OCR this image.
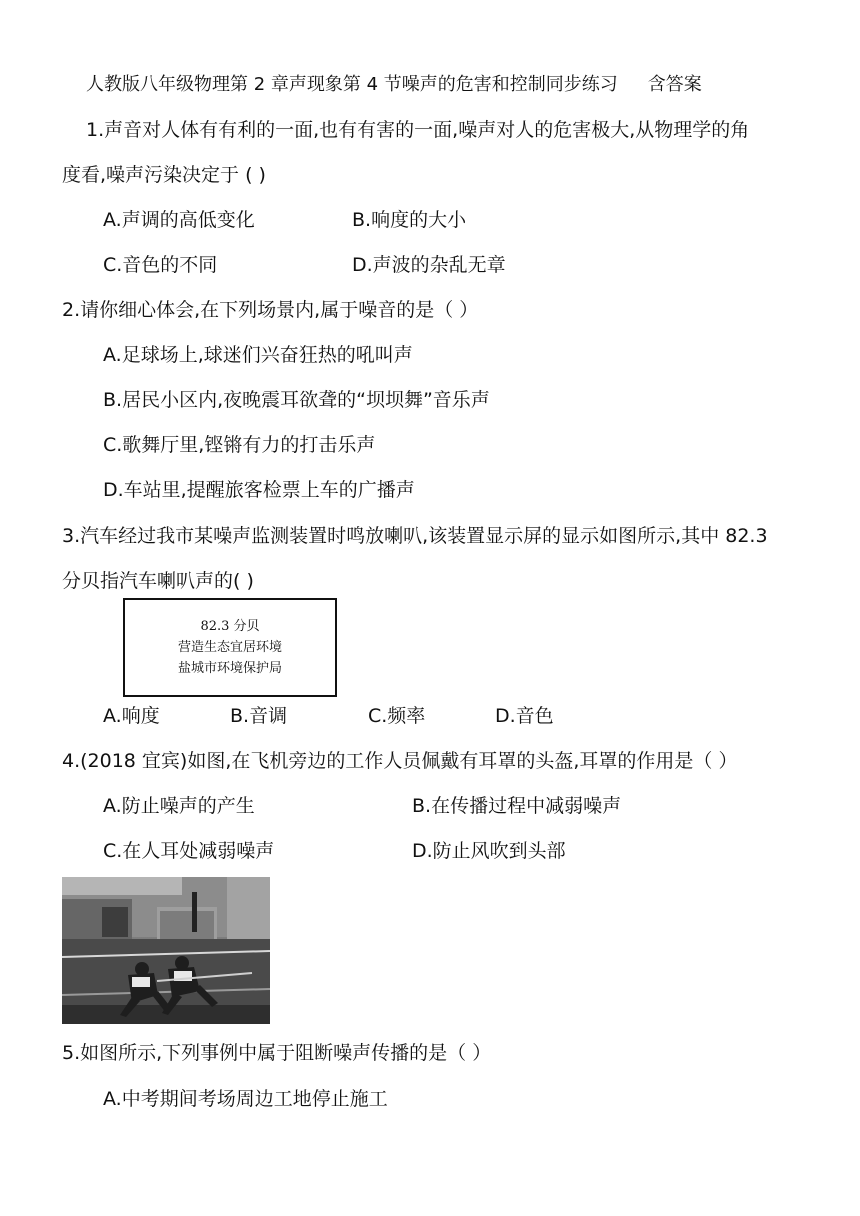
人教版八年级物理第 2 章声现象第 4 节噪声的危害和控制同步练习 含答案
1.声音对人体有有利的一面,也有有害的一面,噪声对人的危害极大,从物理学的角
度看,噪声污染决定于 ( )
A.声调的高低变化	B.响度的大小
C.音色的不同	D.声波的杂乱无章
2.请你细心体会,在下列场景内,属于噪音的是（ ）
A.足球场上,球迷们兴奋狂热的吼叫声
B.居民小区内,夜晚震耳欲聋的“坝坝舞”音乐声
C.歌舞厅里,铿锵有力的打击乐声
D.车站里,提醒旅客检票上车的广播声
3.汽车经过我市某噪声监测装置时鸣放喇叭,该装置显示屏的显示如图所示,其中 82.3
分贝指汽车喇叭声的( )
82.3 分贝
营造生态宜居环境
盐城市环境保护局
A.响度	B.音调	C.频率	D.音色
4.(2018 宜宾)如图,在飞机旁边的工作人员佩戴有耳罩的头盔,耳罩的作用是（ ）
A.防止噪声的产生	B.在传播过程中减弱噪声
C.在人耳处减弱噪声	D.防止风吹到头部
5.如图所示,下列事例中属于阻断噪声传播的是（ ）
A.中考期间考场周边工地停止施工
